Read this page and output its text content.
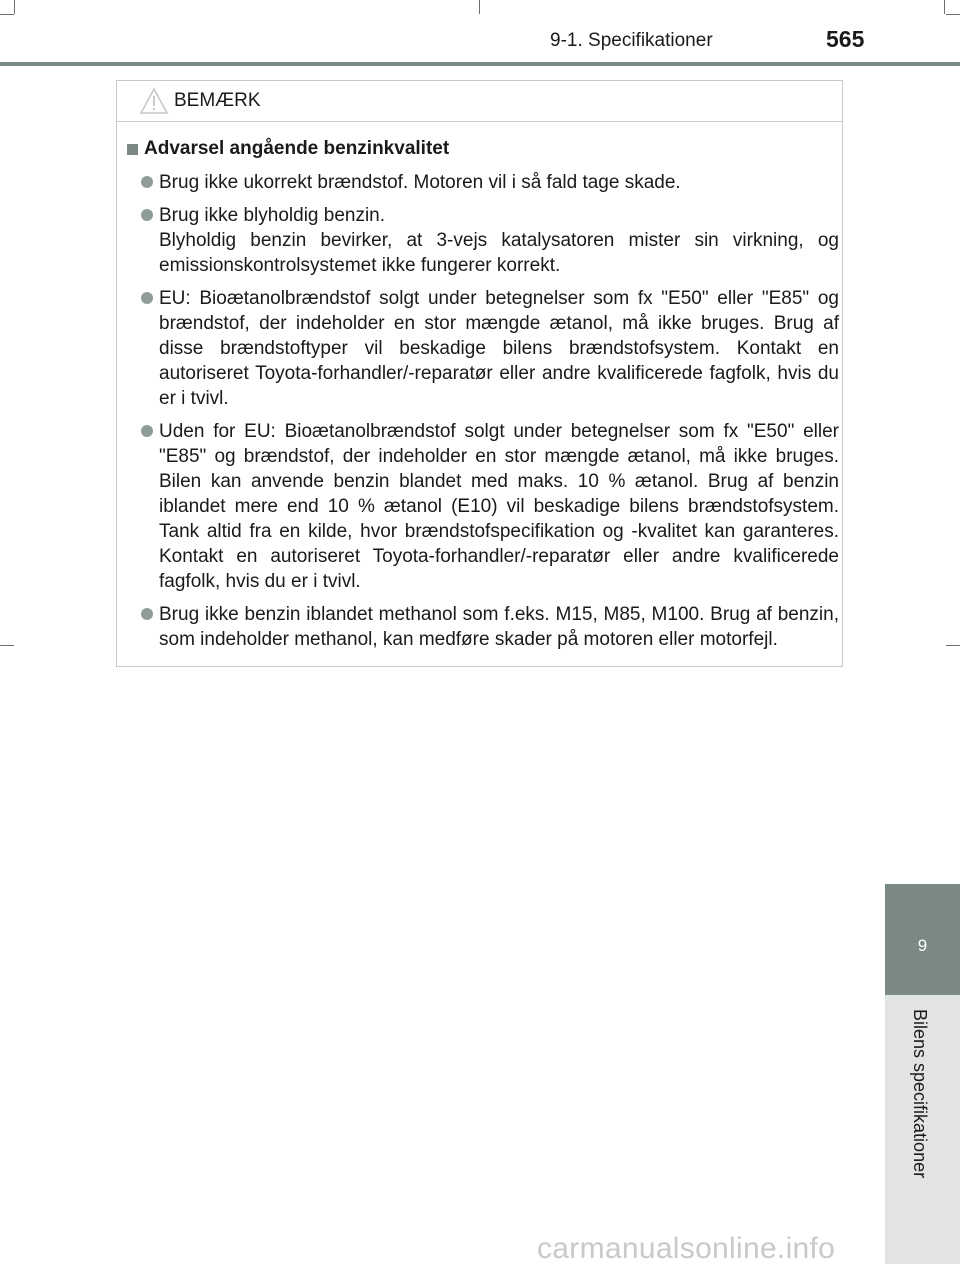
9-1. Specifikationer	565
BEMÆRK
Advarsel angående benzinkvalitet

Brug ikke ukorrekt brændstof. Motoren vil i så fald tage skade.

Brug ikke blyholdig benzin.

Blyholdig benzin bevirker, at 3-vejs katalysatoren mister sin virkning, og emissionskontrolsystemet ikke fungerer korrekt.

EU: Bioætanolbrændstof solgt under betegnelser som fx "E50" eller "E85" og brændstof, der indeholder en stor mængde ætanol, må ikke bruges. Brug af disse brændstoftyper vil beskadige bilens brændstofsystem. Kontakt en autoriseret Toyota-forhandler/-reparatør eller andre kvalificerede fagfolk, hvis du er i tvivl.

Uden for EU: Bioætanolbrændstof solgt under betegnelser som fx "E50" eller "E85" og brændstof, der indeholder en stor mængde ætanol, må ikke bruges. Bilen kan anvende benzin blandet med maks. 10 % ætanol. Brug af benzin iblandet mere end 10 % ætanol (E10) vil beskadige bilens brændstofsystem. Tank altid fra en kilde, hvor brændstofspecifikation og -kvalitet kan garanteres. Kontakt en autoriseret Toyota-forhandler/-reparatør eller andre kvalificerede fagfolk, hvis du er i tvivl.

Brug ikke benzin iblandet methanol som f.eks. M15, M85, M100. Brug af benzin, som indeholder methanol, kan medføre skader på motoren eller motorfejl.

9
Bilens specifikationer
carmanualsonline.info
